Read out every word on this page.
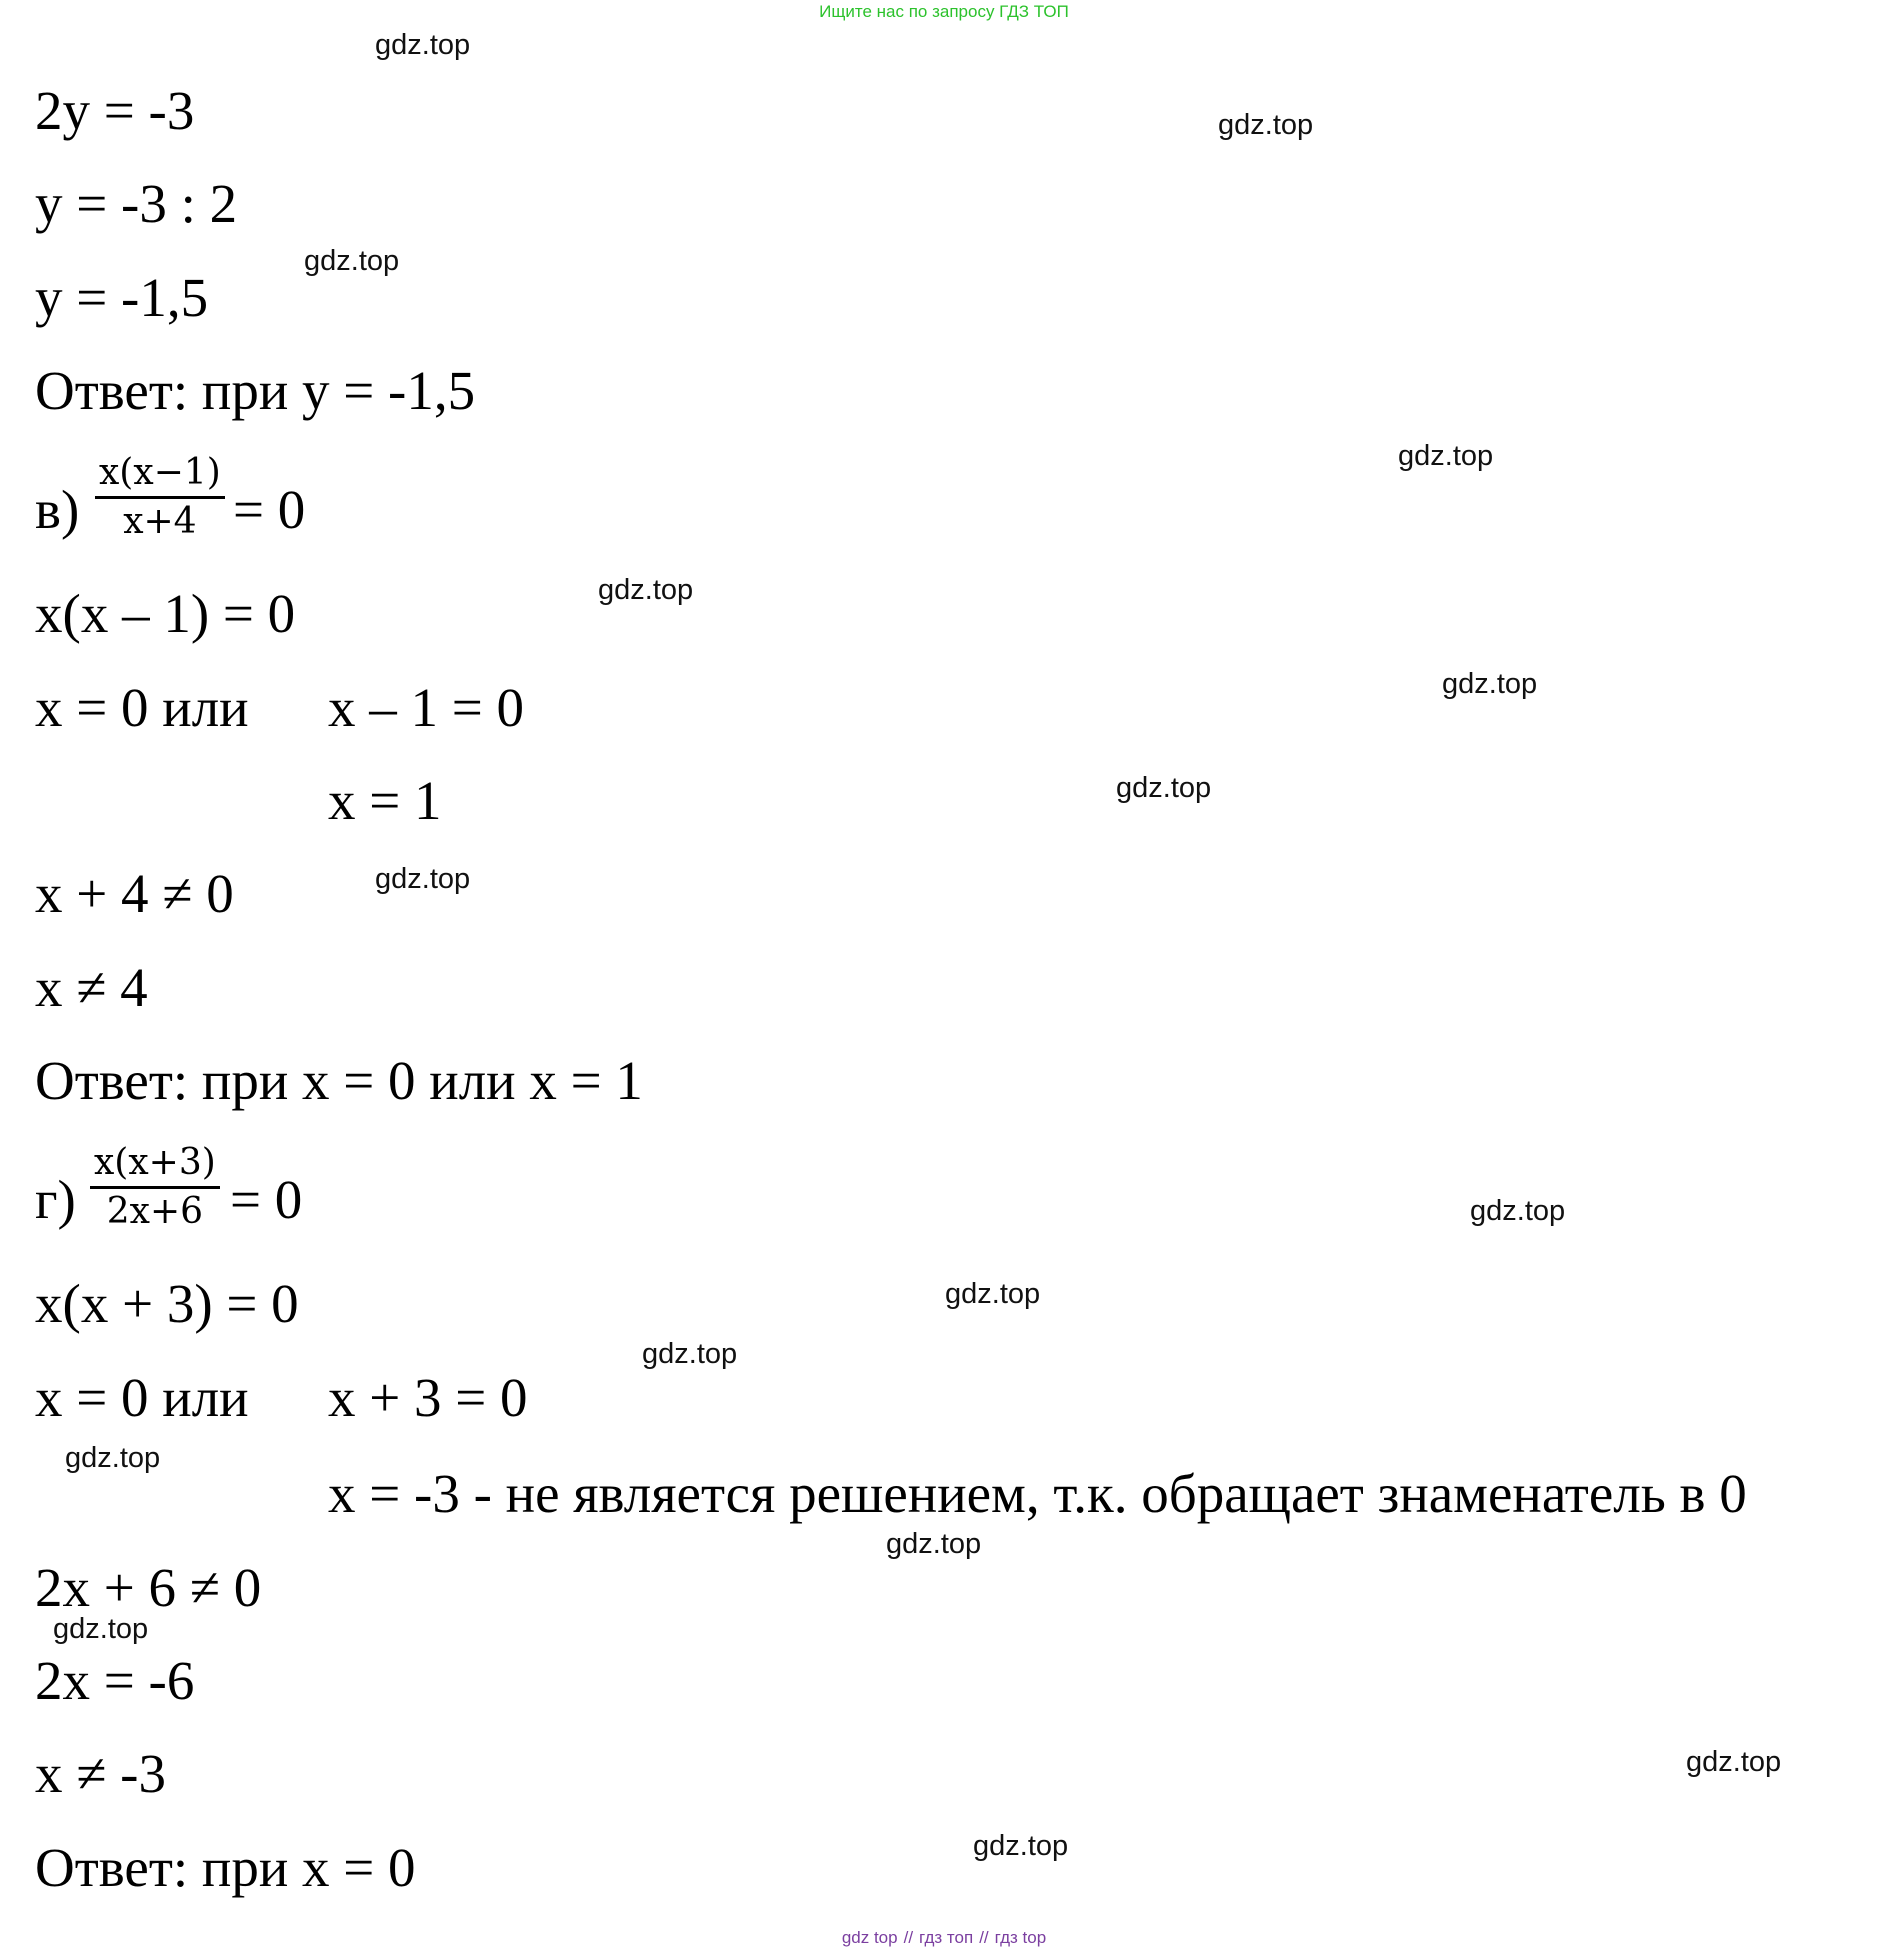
Ищите нас по запросу ГДЗ ТОП
2y = -3
y = -3 : 2
y = -1,5
Ответ: при y = -1,5
в)
x(x−1)
x+4 = 0
x(x – 1) = 0
x = 0 или x – 1 = 0
x = 1
x + 4 ≠ 0
x ≠ 4
Ответ: при x = 0 или x = 1
г)
x(x+3)
2x+6 = 0
x(x + 3) = 0
x = 0 или x + 3 = 0
x = -3 - не является решением, т.к. обращает знаменатель в 0
2x + 6 ≠ 0
2x = -6
x ≠ -3
Ответ: при x = 0
gdz.top
gdz.top
gdz.top
gdz.top
gdz.top
gdz.top
gdz.top
gdz.top
gdz.top
gdz.top
gdz.top
gdz.top
gdz.top
gdz.top
gdz.top
gdz.top
gdz top // гдз топ // гдз top
